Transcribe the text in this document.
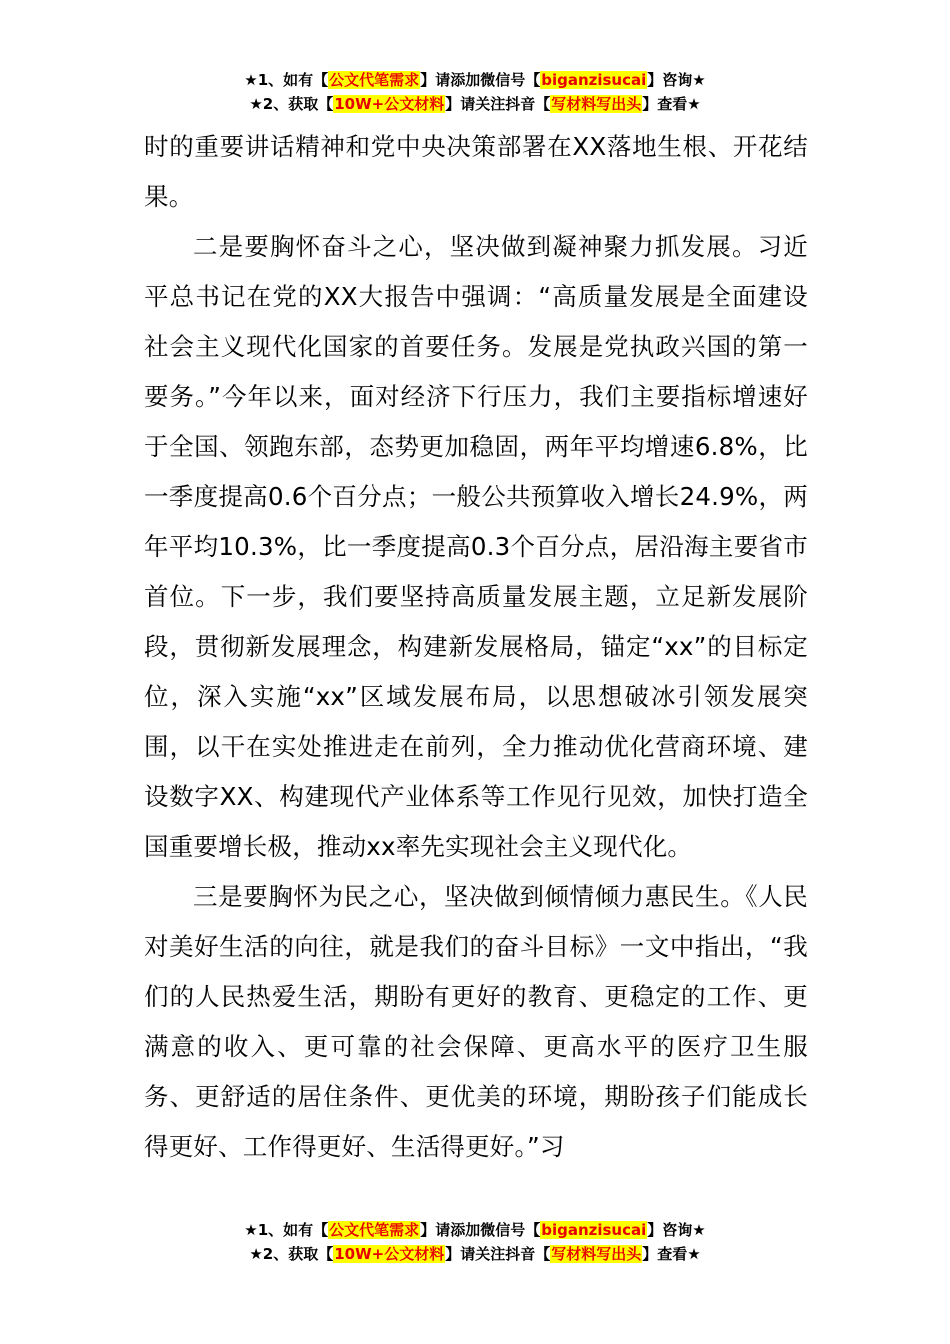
★1、如有【公文代笔需求】请添加微信号【biganzisucai】咨询★
★2、获取【10W+公文材料】请关注抖音【写材料写出头】查看★

时的重要讲话精神和党中央决策部署在XX落地生根、开花结果。

二是要胸怀奋斗之心，坚决做到凝神聚力抓发展。习近平总书记在党的XX大报告中强调：“高质量发展是全面建设社会主义现代化国家的首要任务。发展是党执政兴国的第一要务。”今年以来，面对经济下行压力，我们主要指标增速好于全国、领跑东部，态势更加稳固，两年平均增速6.8%，比一季度提高0.6个百分点；一般公共预算收入增长24.9%，两年平均10.3%，比一季度提高0.3个百分点，居沿海主要省市首位。下一步，我们要坚持高质量发展主题，立足新发展阶段，贯彻新发展理念，构建新发展格局，锚定“xx”的目标定位，深入实施“xx”区域发展布局，以思想破冰引领发展突围，以干在实处推进走在前列，全力推动优化营商环境、建设数字XX、构建现代产业体系等工作见行见效，加快打造全国重要增长极，推动xx率先实现社会主义现代化。

三是要胸怀为民之心，坚决做到倾情倾力惠民生。《人民对美好生活的向往，就是我们的奋斗目标》一文中指出，“我们的人民热爱生活，期盼有更好的教育、更稳定的工作、更满意的收入、更可靠的社会保障、更高水平的医疗卫生服务、更舒适的居住条件、更优美的环境，期盼孩子们能成长得更好、工作得更好、生活得更好。”习

★1、如有【公文代笔需求】请添加微信号【biganzisucai】咨询★
★2、获取【10W+公文材料】请关注抖音【写材料写出头】查看★
